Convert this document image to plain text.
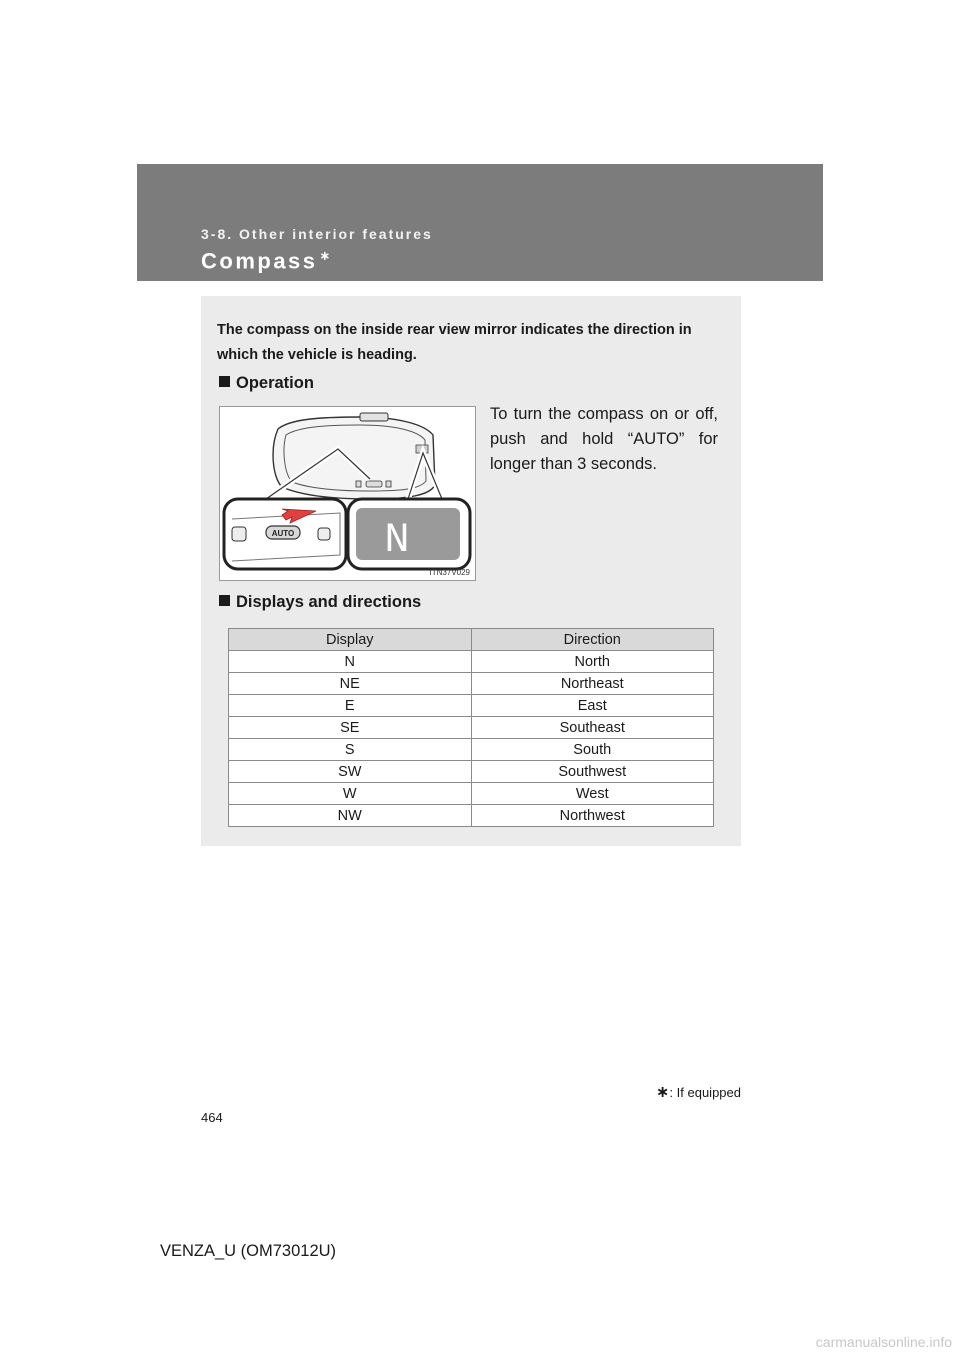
3-8. Other interior features
Compass ∗
The compass on the inside rear view mirror indicates the direction in which the vehicle is heading.
Operation
AUTO N
ITN37V029
To turn the compass on or off, push and hold “AUTO” for longer than 3 seconds.
Displays and directions
Display	Direction
N	North
NE	Northeast
E	East
SE	Southeast
S	South
SW	Southwest
W	West
NW	Northwest
∗: If equipped
464
VENZA_U (OM73012U)
carmanualsonline.info
